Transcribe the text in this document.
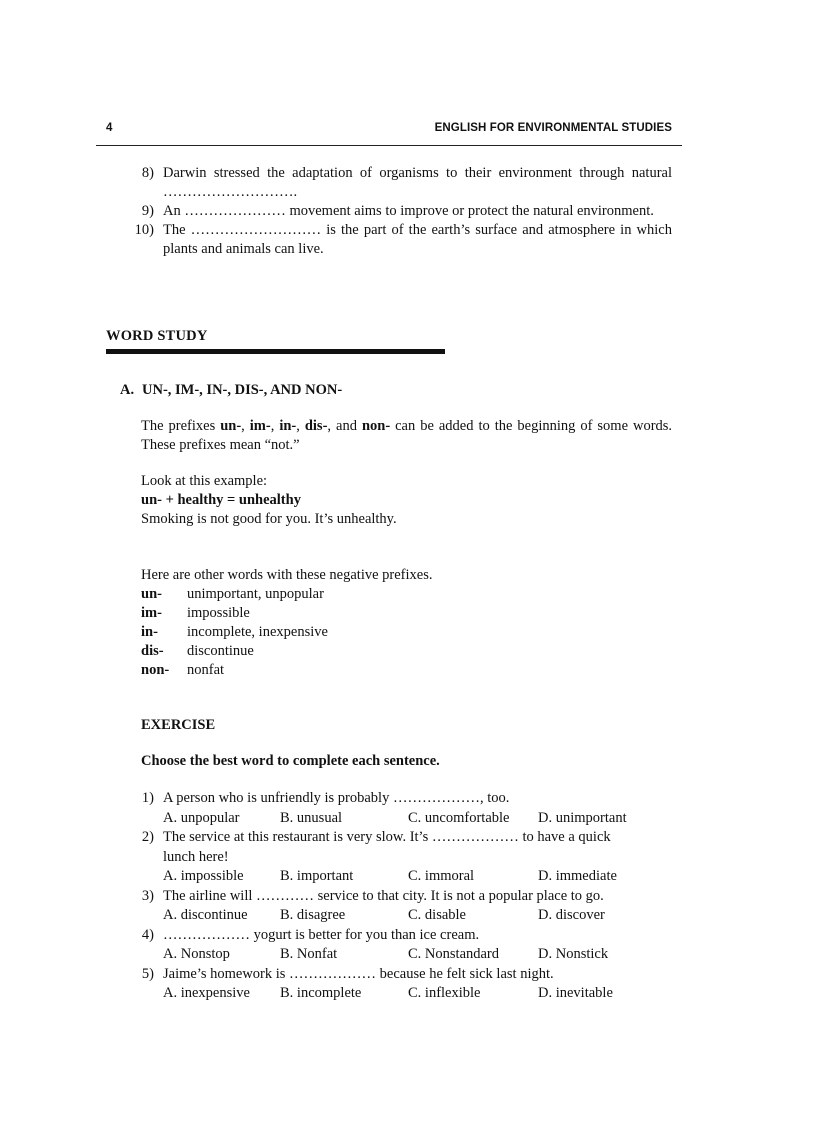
4	ENGLISH FOR ENVIRONMENTAL STUDIES
8) Darwin stressed the adaptation of organisms to their environment through natural ……………………….
9) An ………………… movement aims to improve or protect the natural environment.
10) The ……………………… is the part of the earth’s surface and atmosphere in which plants and animals can live.
WORD STUDY
A. UN-, IM-, IN-, DIS-, AND NON-
The prefixes un-, im-, in-, dis-, and non- can be added to the beginning of some words. These prefixes mean “not.”
Look at this example:
un- + healthy = unhealthy
Smoking is not good for you. It’s unhealthy.
Here are other words with these negative prefixes.
un- unimportant, unpopular
im- impossible
in- incomplete, inexpensive
dis- discontinue
non- nonfat
EXERCISE
Choose the best word to complete each sentence.
1) A person who is unfriendly is probably ………………, too.
A. unpopular	B. unusual	C. uncomfortable D. unimportant
2) The service at this restaurant is very slow. It’s ……………… to have a quick
lunch here!
A. impossible	B. important	C. immoral	D. immediate
3) The airline will ………… service to that city. It is not a popular place to go.
A. discontinue B. disagree	C. disable	D. discover
4) ……………… yogurt is better for you than ice cream.
A. Nonstop	B. Nonfat	C. Nonstandard	D. Nonstick
5) Jaime’s homework is ……………… because he felt sick last night.
A. inexpensive B. incomplete	C. inflexible	D. inevitable
